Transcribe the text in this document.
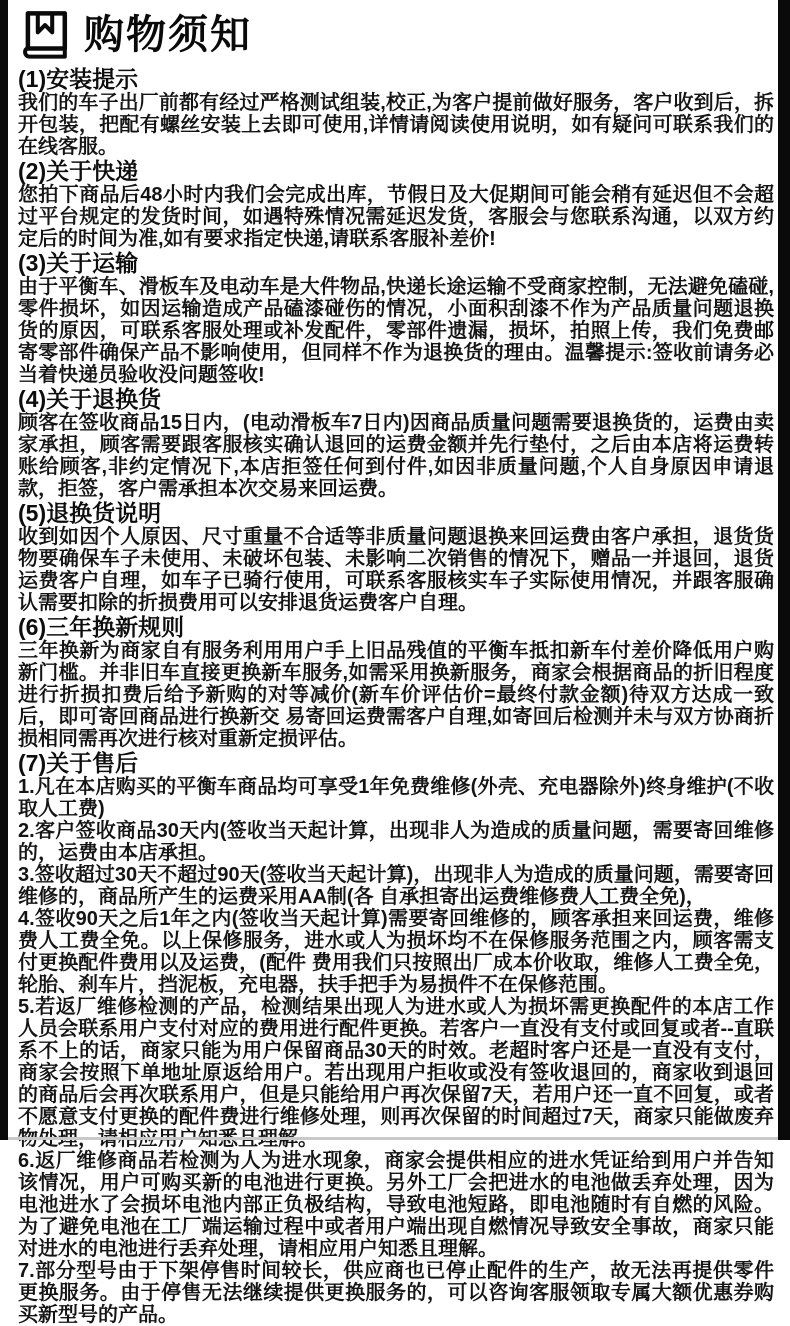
购物须知
(1)安装提示

我们的车子出厂前都有经过严格测试组装,校正,为客户提前做好服务，客户收到后，拆开包装，把配有螺丝安装上去即可使用,详情请阅读使用说明，如有疑问可联系我们的在线客服。

(2)关于快递

您拍下商品后48小时内我们会完成出库，节假日及大促期间可能会稍有延迟但不会超过平台规定的发货时间，如遇特殊情况需延迟发货，客服会与您联系沟通，以双方约定后的时间为准,如有要求指定快递,请联系客服补差价!

(3)关于运输

由于平衡车、滑板车及电动车是大件物品,快递长途运输不受商家控制，无法避免磕碰,零件损坏，如因运输造成产品磕漆碰伤的情况，小面积刮漆不作为产品质量问题退换货的原因，可联系客服处理或补发配件，零部件遗漏，损坏，拍照上传，我们免费邮寄零部件确保产品不影响使用，但同样不作为退换货的理由。温馨提示:签收前请务必当着快递员验收没问题签收!

(4)关于退换货

顾客在签收商品15日内，(电动滑板车7日内)因商品质量问题需要退换货的，运费由卖家承担，顾客需要跟客服核实确认退回的运费金额并先行垫付，之后由本店将运费转账给顾客,非约定情况下,本店拒签任何到付件,如因非质量问题,个人自身原因申请退款，拒签，客户需承担本次交易来回运费。

(5)退换货说明

收到如因个人原因、尺寸重量不合适等非质量问题退换来回运费由客户承担，退货货物要确保车子未使用、未破坏包装、未影响二次销售的情况下，赠品一并退回，退货运费客户自理，如车子已骑行使用，可联系客服核实车子实际使用情况，并跟客服确认需要扣除的折损费用可以安排退货运费客户自理。

(6)三年换新规则

三年换新为商家自有服务利用用户手上旧品残值的平衡车抵扣新车付差价降低用户购新门槛。并非旧车直接更换新车服务,如需采用换新服务，商家会根据商品的折旧程度进行折损扣费后给予新购的对等减价(新车价评估价=最终付款金额)待双方达成一致后，即可寄回商品进行换新交 易寄回运费需客户自理,如寄回后检测并未与双方协商折损相同需再次进行核对重新定损评估。

(7)关于售后

1.凡在本店购买的平衡车商品均可享受1年免费维修(外壳、充电器除外)终身维护(不收取人工费)

2.客户签收商品30天内(签收当天起计算，出现非人为造成的质量问题，需要寄回维修的，运费由本店承担。

3.签收超过30天不超过90天(签收当天起计算)，出现非人为造成的质量问题，需要寄回维修的，商品所产生的运费采用AA制(各 自承担寄出运费维修费人工费全免)，

4.签收90天之后1年之内(签收当天起计算)需要寄回维修的，顾客承担来回运费，维修费人工费全免。以上保修服务，进水或人为损坏均不在保修服务范围之内，顾客需支付更换配件费用以及运费，(配件 费用我们只按照出厂成本价收取，维修人工费全免，轮胎、刹车片，挡泥板，充电器，扶手把手为易损件不在保修范围。

5.若返厂维修检测的产品，检测结果出现人为进水或人为损坏需更换配件的本店工作人员会联系用户支付对应的费用进行配件更换。若客户一直没有支付或回复或者--直联系不上的话，商家只能为用户保留商品30天的时效。老超时客户还是一直没有支付，商家会按照下单地址原返给用户。若出现用户拒收或没有签收退回的，商家收到退回的商品后会再次联系用户，但是只能给用户再次保留7天，若用户还一直不回复，或者不愿意支付更换的配件费进行维修处理，则再次保留的时间超过7天，商家只能做废弃

6.返厂维修商品若检测为人为进水现象，商家会提供相应的进水凭证给到用户并告知该情况，用户可购买新的电池进行更换。另外工厂会把进水的电池做丢弃处理，因为电池进水了会损坏电池内部正负极结构，导致电池短路，即电池随时有自燃的风险。为了避免电池在工厂端运输过程中或者用户端出现自燃情况导致安全事故，商家只能对进水的电池进行丢弃处理，请相应用户知悉且理解。

7.部分型号由于下架停售时间较长，供应商也已停止配件的生产，故无法再提供零件更换服务。由于停售无法继续提供更换服务的，可以咨询客服领取专属大额优惠券购买新型号的产品。
